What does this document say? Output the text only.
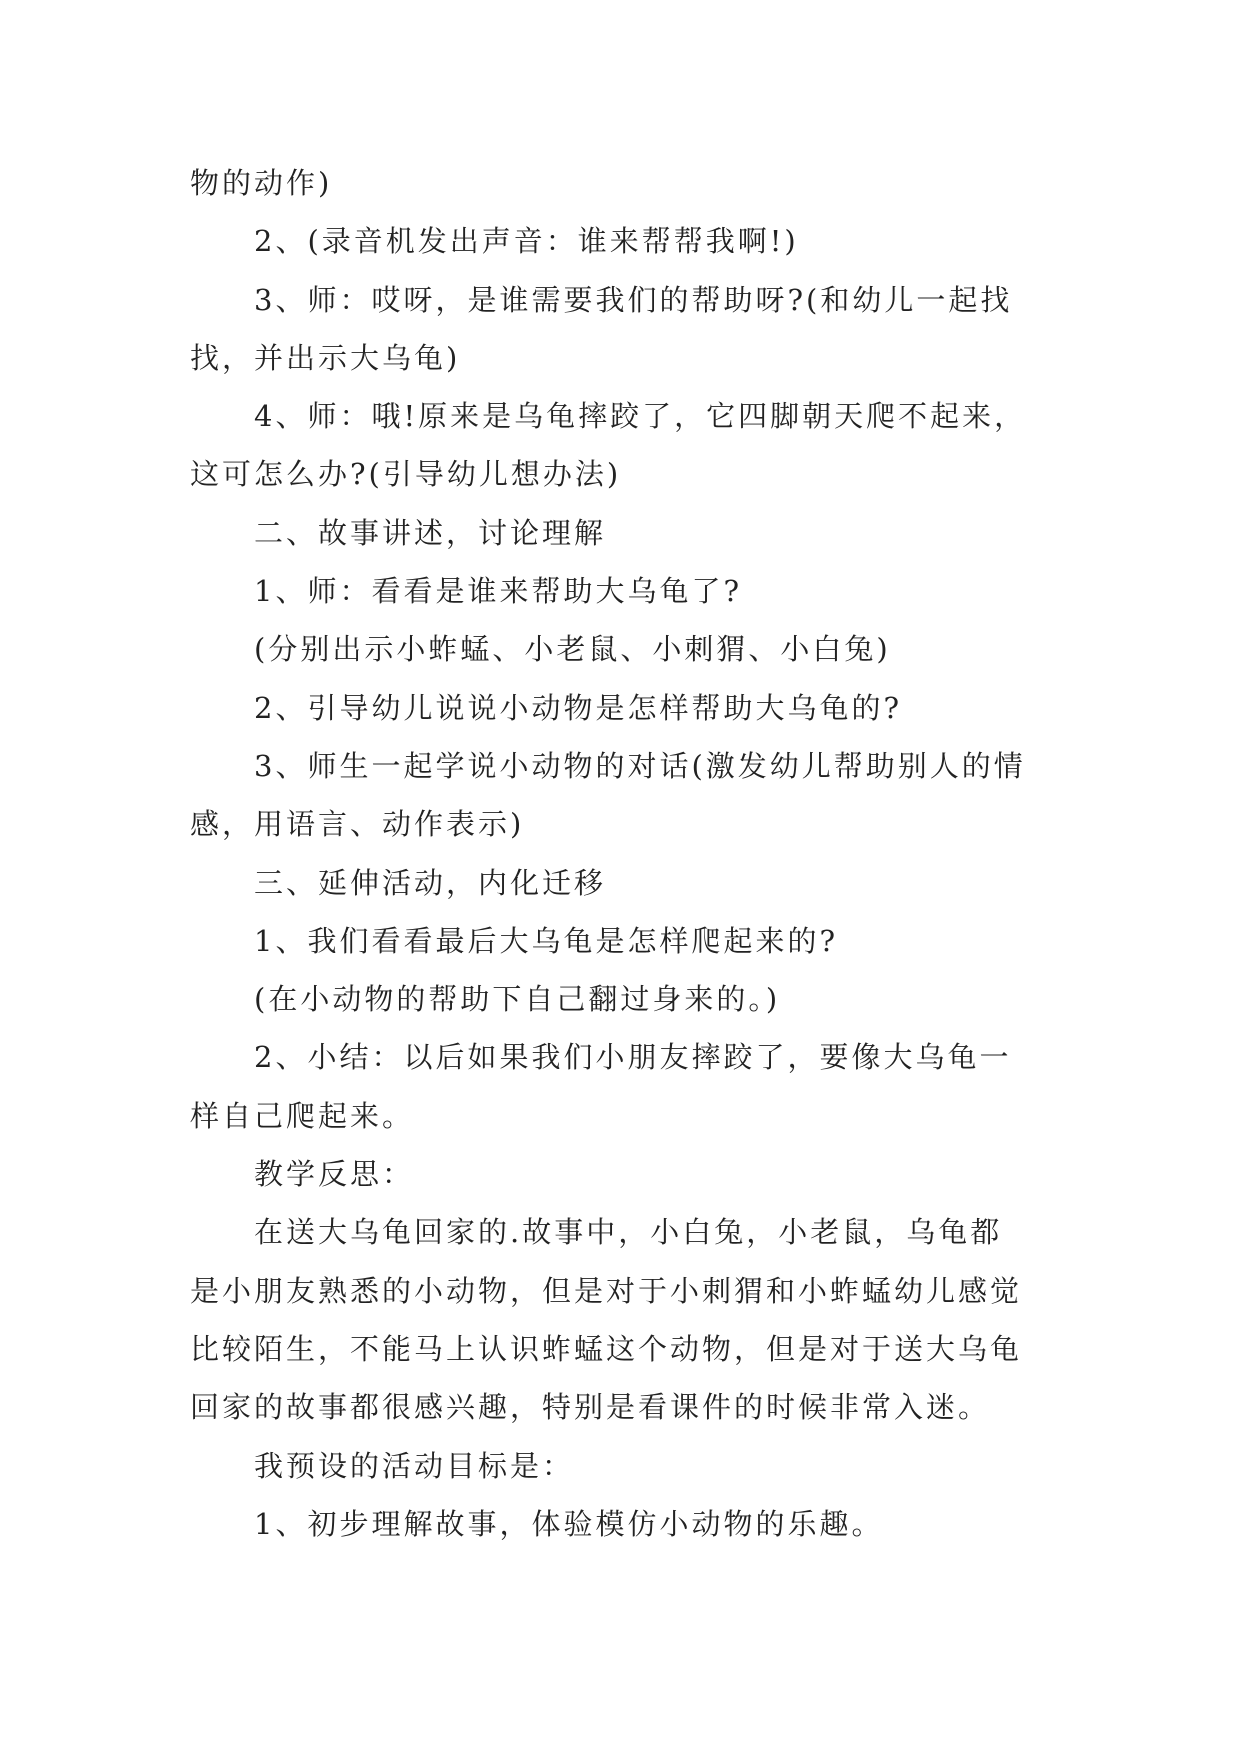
物的动作)
2、(录音机发出声音：谁来帮帮我啊!)
3、师：哎呀，是谁需要我们的帮助呀?(和幼儿一起找
找，并出示大乌龟)
4、师：哦!原来是乌龟摔跤了，它四脚朝天爬不起来，
这可怎么办?(引导幼儿想办法)
二、故事讲述，讨论理解
1、师：看看是谁来帮助大乌龟了?
(分别出示小蚱蜢、小老鼠、小刺猬、小白兔)
2、引导幼儿说说小动物是怎样帮助大乌龟的?
3、师生一起学说小动物的对话(激发幼儿帮助别人的情
感，用语言、动作表示)
三、延伸活动，内化迁移
1、我们看看最后大乌龟是怎样爬起来的?
(在小动物的帮助下自己翻过身来的。)
2、小结：以后如果我们小朋友摔跤了，要像大乌龟一
样自己爬起来。
教学反思：
在送大乌龟回家的.故事中，小白兔，小老鼠，乌龟都
是小朋友熟悉的小动物，但是对于小刺猬和小蚱蜢幼儿感觉
比较陌生，不能马上认识蚱蜢这个动物，但是对于送大乌龟
回家的故事都很感兴趣，特别是看课件的时候非常入迷。
我预设的活动目标是：
1、初步理解故事，体验模仿小动物的乐趣。
